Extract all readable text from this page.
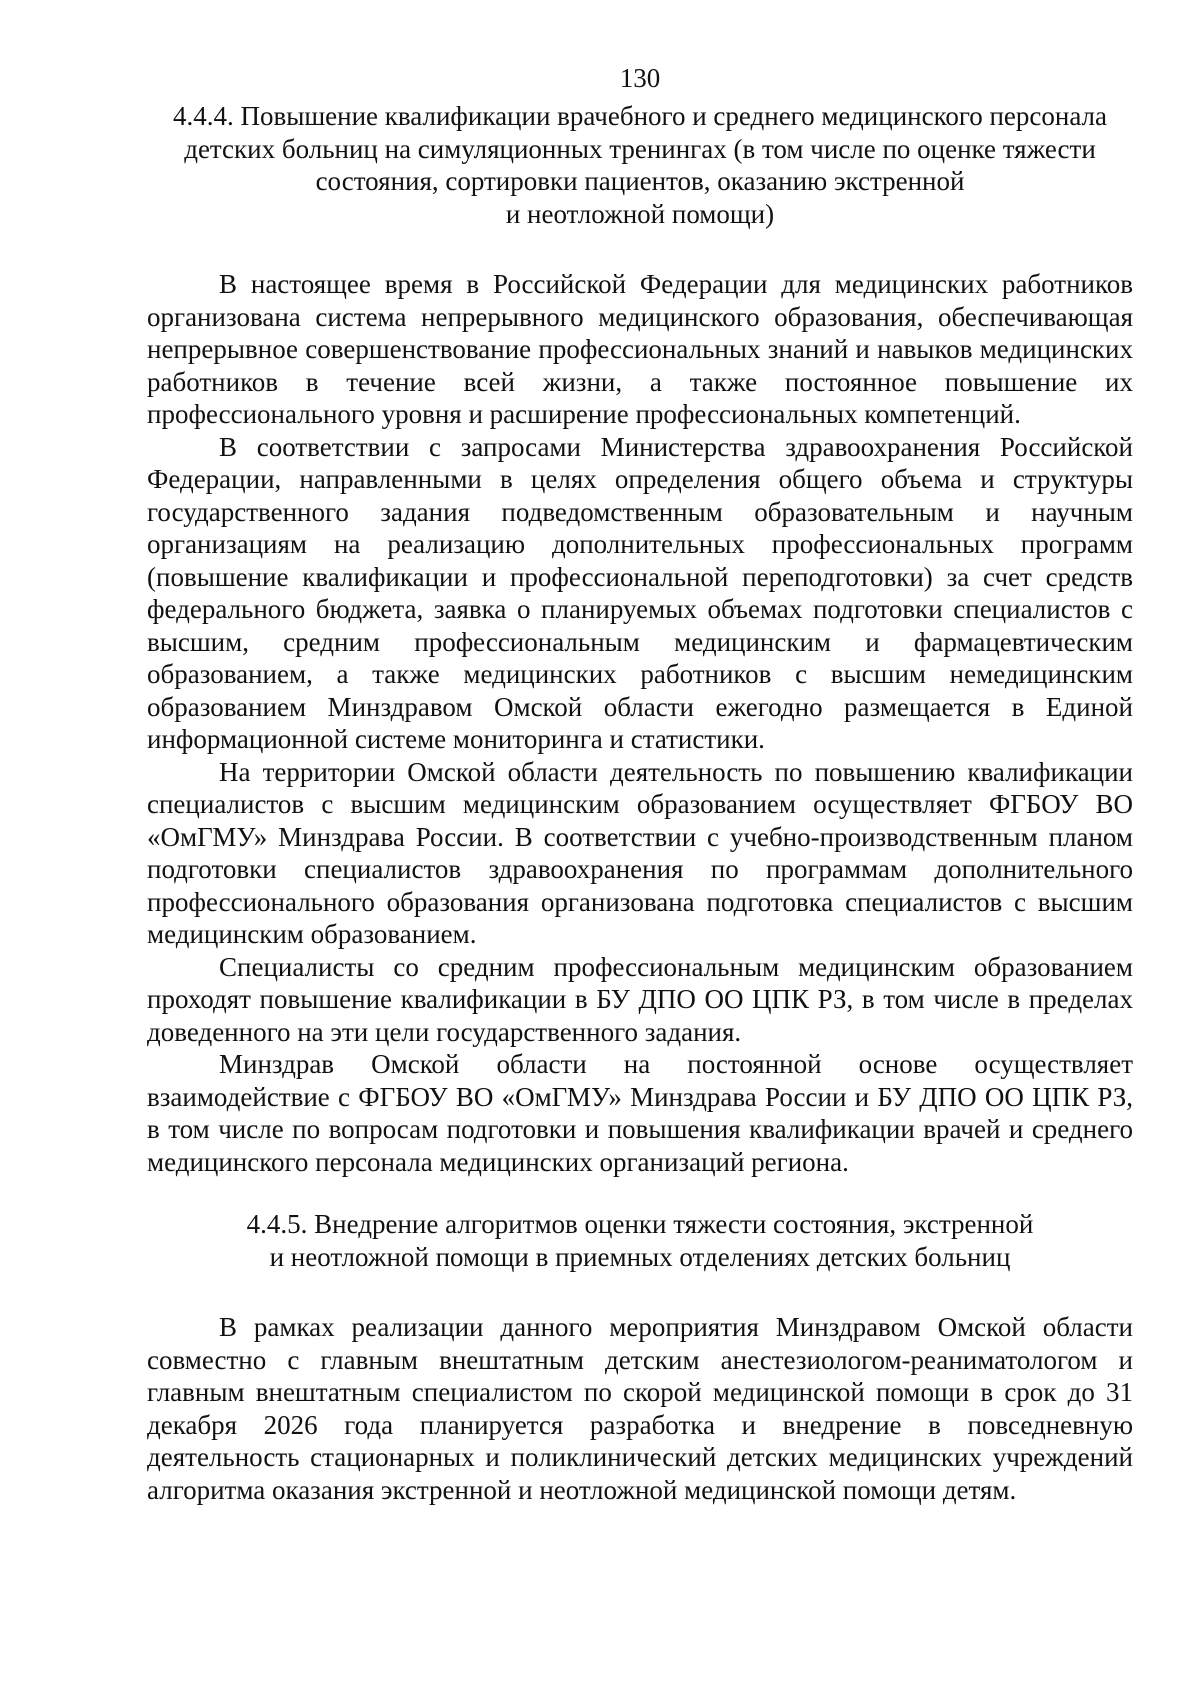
130
4.4.4. Повышение квалификации врачебного и среднего медицинского персонала
детских больниц на симуляционных тренингах (в том числе по оценке тяжести
состояния, сортировки пациентов, оказанию экстренной
и неотложной помощи)

В настоящее время в Российской Федерации для медицинских работников организована система непрерывного медицинского образования, обеспечивающая непрерывное совершенствование профессиональных знаний и навыков медицинских работников в течение всей жизни, а также постоянное повышение их профессионального уровня и расширение профессиональных компетенций.

В соответствии с запросами Министерства здравоохранения Российской Федерации, направленными в целях определения общего объема и структуры государственного задания подведомственным образовательным и научным организациям на реализацию дополнительных профессиональных программ (повышение квалификации и профессиональной переподготовки) за счет средств федерального бюджета, заявка о планируемых объемах подготовки специалистов с высшим, средним профессиональным медицинским и фармацевтическим образованием, а также медицинских работников с высшим немедицинским образованием Минздравом Омской области ежегодно размещается в Единой информационной системе мониторинга и статистики.

На территории Омской области деятельность по повышению квалификации специалистов с высшим медицинским образованием осуществляет ФГБОУ ВО «ОмГМУ» Минздрава России. В соответствии с учебно-производственным планом подготовки специалистов здравоохранения по программам дополнительного профессионального образования организована подготовка специалистов с высшим медицинским образованием.

Специалисты со средним профессиональным медицинским образованием проходят повышение квалификации в БУ ДПО ОО ЦПК РЗ, в том числе в пределах доведенного на эти цели государственного задания.

Минздрав Омской области на постоянной основе осуществляет взаимодействие с ФГБОУ ВО «ОмГМУ» Минздрава России и БУ ДПО ОО ЦПК РЗ, в том числе по вопросам подготовки и повышения квалификации врачей и среднего медицинского персонала медицинских организаций региона.

4.4.5. Внедрение алгоритмов оценки тяжести состояния, экстренной
и неотложной помощи в приемных отделениях детских больниц

В рамках реализации данного мероприятия Минздравом Омской области совместно с главным внештатным детским анестезиологом-реаниматологом и главным внештатным специалистом по скорой медицинской помощи в срок до 31 декабря 2026 года планируется разработка и внедрение в повседневную деятельность стационарных и поликлинический детских медицинских учреждений алгоритма оказания экстренной и неотложной медицинской помощи детям.
